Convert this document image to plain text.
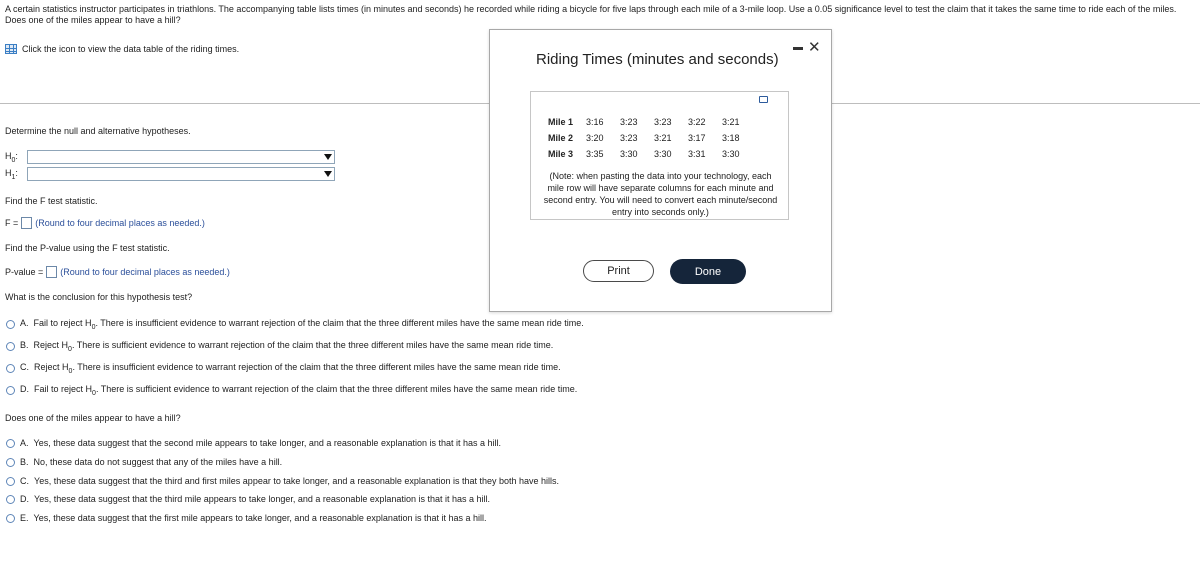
A certain statistics instructor participates in triathlons. The accompanying table lists times (in minutes and seconds) he recorded while riding a bicycle for five laps through each mile of a 3-mile loop. Use a 0.05 significance level to test the claim that it takes the same time to ride each of the miles. Does one of the miles appear to have a hill?
Click the icon to view the data table of the riding times.
Determine the null and alternative hypotheses.
$H_0$:
$H_1$:
Find the F test statistic.
F = (Round to four decimal places as needed.)
Find the P-value using the F test statistic.
P-value = (Round to four decimal places as needed.)
What is the conclusion for this hypothesis test?
A. Fail to reject $H_0$. There is insufficient evidence to warrant rejection of the claim that the three different miles have the same mean ride time.
B. Reject $H_0$. There is sufficient evidence to warrant rejection of the claim that the three different miles have the same mean ride time.
C. Reject $H_0$. There is insufficient evidence to warrant rejection of the claim that the three different miles have the same mean ride time.
D. Fail to reject $H_0$. There is sufficient evidence to warrant rejection of the claim that the three different miles have the same mean ride time.
Does one of the miles appear to have a hill?
A. Yes, these data suggest that the second mile appears to take longer, and a reasonable explanation is that it has a hill.
B. No, these data do not suggest that any of the miles have a hill.
C. Yes, these data suggest that the third and first miles appear to take longer, and a reasonable explanation is that they both have hills.
D. Yes, these data suggest that the third mile appears to take longer, and a reasonable explanation is that it has a hill.
E. Yes, these data suggest that the first mile appears to take longer, and a reasonable explanation is that it has a hill.
Riding Times (minutes and seconds)
✕
Mile 1	3:16	3:23	3:23	3:22	3:21
Mile 2	3:20	3:23	3:21	3:17	3:18
Mile 3	3:35	3:30	3:30	3:31	3:30
(Note: when pasting the data into your technology, each
mile row will have separate columns for each minute and
second entry. You will need to convert each minute/second
entry into seconds only.)
Print	Done
